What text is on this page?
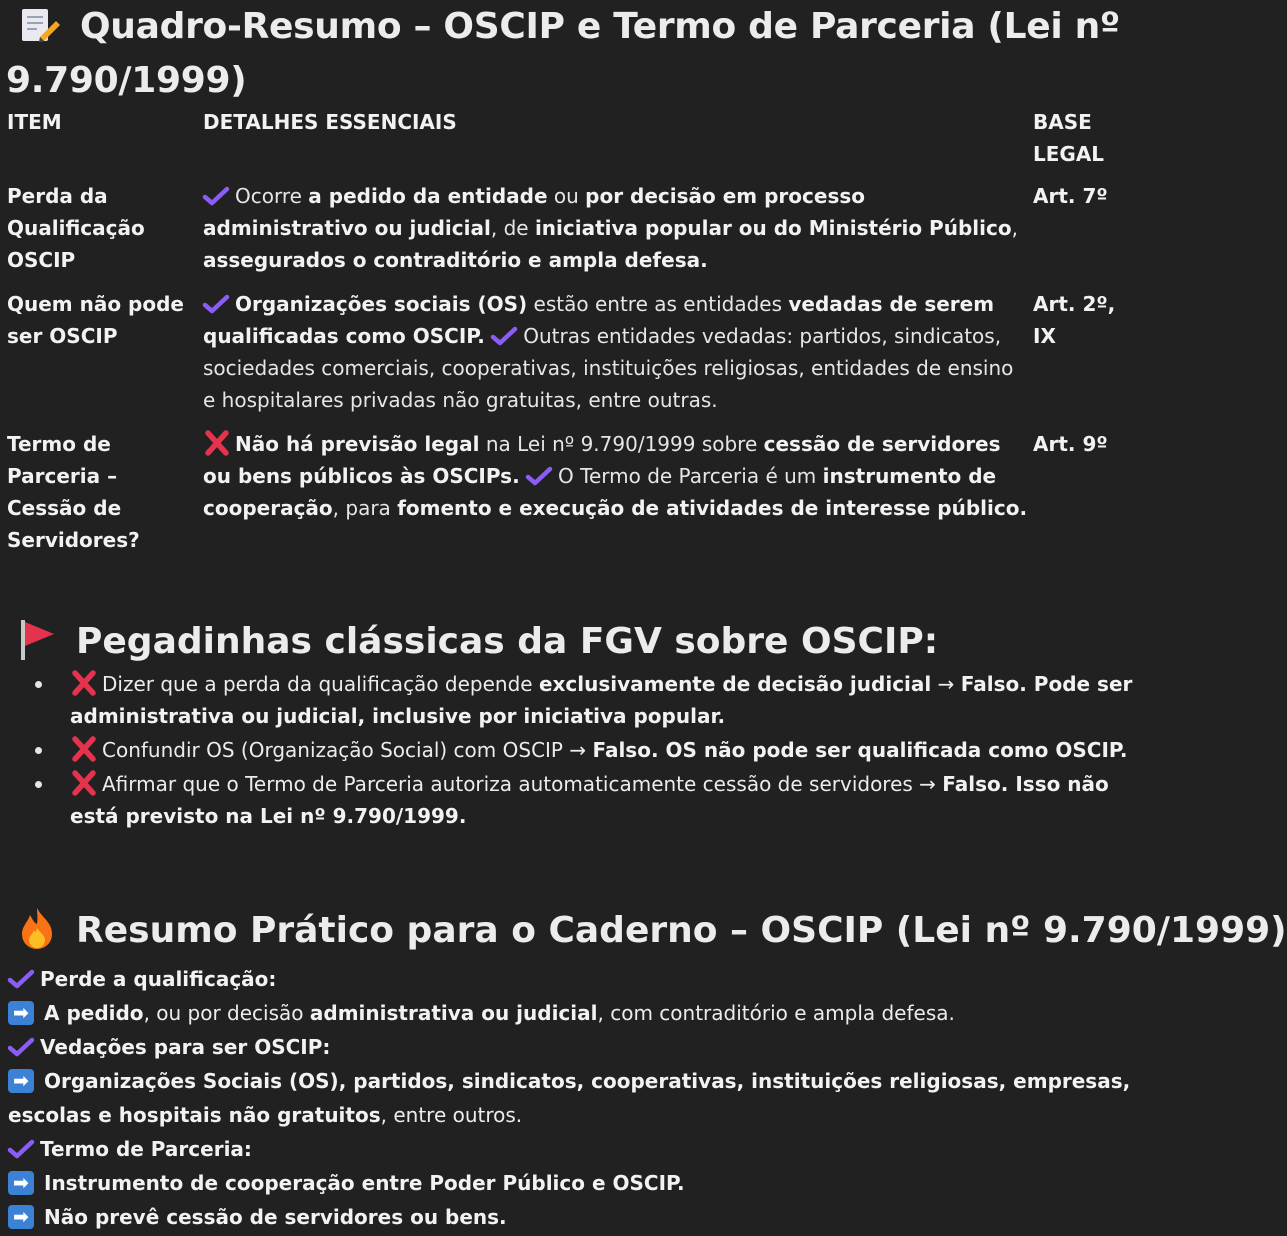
Quadro-Resumo – OSCIP e Termo de Parceria (Lei nº 9.790/1999)
ITEM	DETALHES ESSENCIAIS	BASE LEGAL
Perda da Qualificação OSCIP	Ocorre a pedido da entidade ou por decisão em processo administrativo ou judicial, de iniciativa popular ou do Ministério Público, assegurados o contraditório e ampla defesa.	Art. 7º
Quem não pode ser OSCIP	Organizações sociais (OS) estão entre as entidades vedadas de serem qualificadas como OSCIP. Outras entidades vedadas: partidos, sindicatos, sociedades comerciais, cooperativas, instituições religiosas, entidades de ensino e hospitalares privadas não gratuitas, entre outras.	Art. 2º, IX
Termo de Parceria – Cessão de Servidores?	Não há previsão legal na Lei nº 9.790/1999 sobre cessão de servidores ou bens públicos às OSCIPs. O Termo de Parceria é um instrumento de cooperação, para fomento e execução de atividades de interesse público.	Art. 9º
Pegadinhas clássicas da FGV sobre OSCIP:
Dizer que a perda da qualificação depende exclusivamente de decisão judicial → Falso. Pode ser administrativa ou judicial, inclusive por iniciativa popular.
Confundir OS (Organização Social) com OSCIP → Falso. OS não pode ser qualificada como OSCIP.
Afirmar que o Termo de Parceria autoriza automaticamente cessão de servidores → Falso. Isso não está previsto na Lei nº 9.790/1999.
Resumo Prático para o Caderno – OSCIP (Lei nº 9.790/1999)
Perde a qualificação:
➡ A pedido, ou por decisão administrativa ou judicial, com contraditório e ampla defesa.
Vedações para ser OSCIP:
➡ Organizações Sociais (OS), partidos, sindicatos, cooperativas, instituições religiosas, empresas, escolas e hospitais não gratuitos, entre outros.
Termo de Parceria:
➡ Instrumento de cooperação entre Poder Público e OSCIP.
➡ Não prevê cessão de servidores ou bens.
